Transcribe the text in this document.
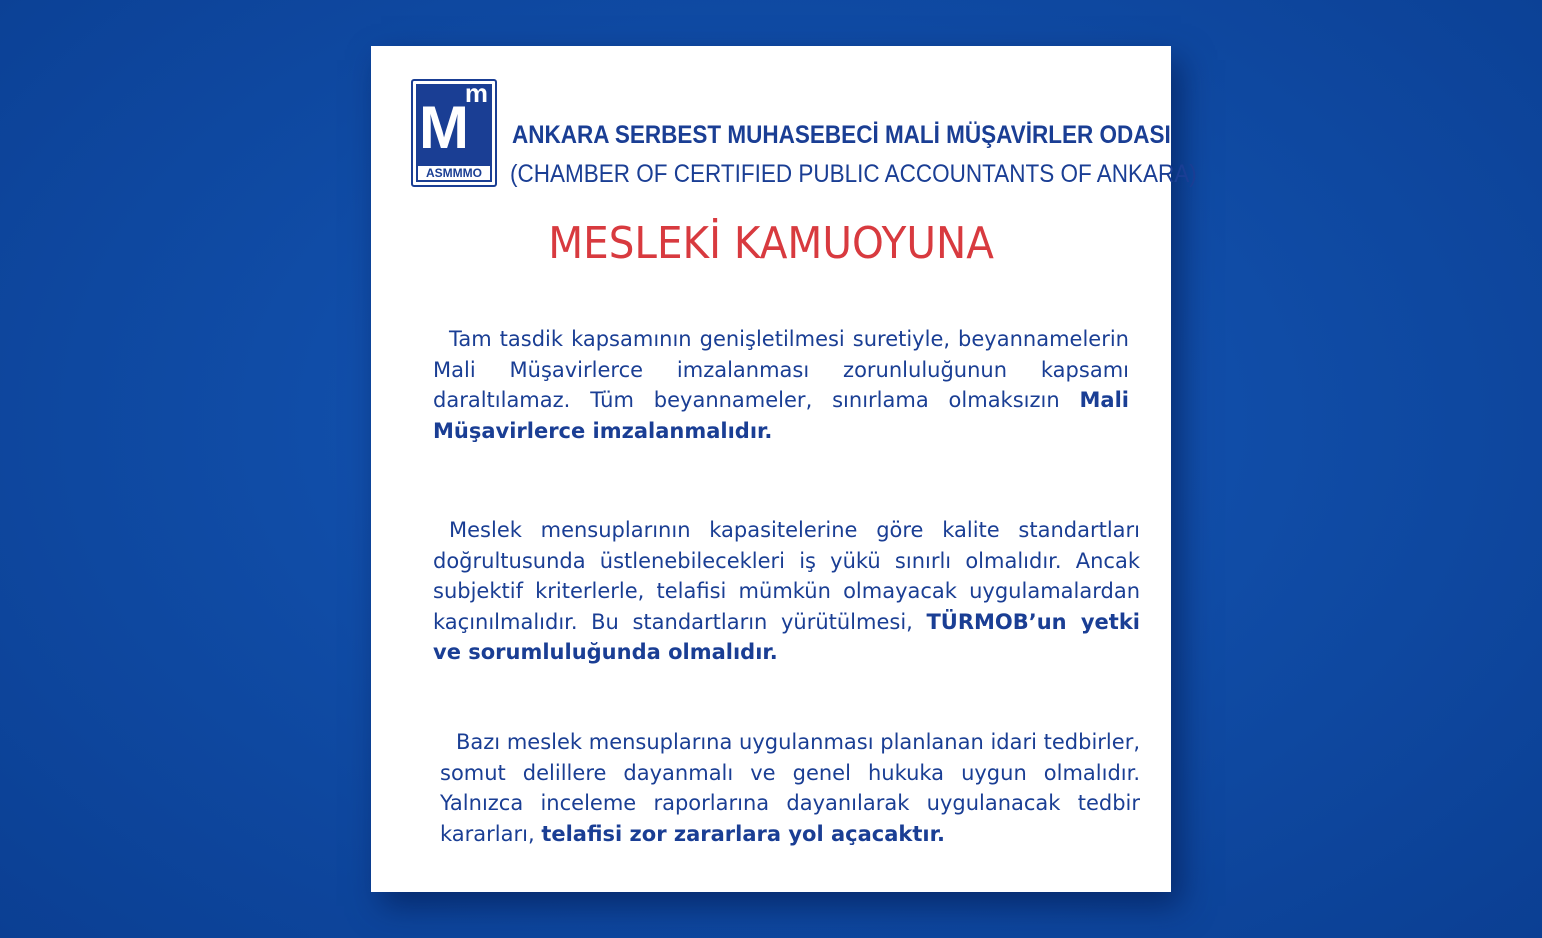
M
m
ASMMMO
ANKARA SERBEST MUHASEBECİ MALİ MÜŞAVİRLER ODASI
(CHAMBER OF CERTIFIED PUBLIC ACCOUNTANTS OF ANKARA)
MESLEKİ KAMUOYUNA

Tam tasdik kapsamının genişletilmesi suretiyle, beyannamelerin Mali Müşavirlerce imzalanması zorunluluğunun kapsamı daraltılamaz. Tüm beyannameler, sınırlama olmaksızın Mali Müşavirlerce imzalanmalıdır.

Meslek mensuplarının kapasitelerine göre kalite standartları doğrultusunda üstlenebilecekleri iş yükü sınırlı olmalıdır. Ancak subjektif kriterlerle, telafisi mümkün olmayacak uygulamalardan kaçınılmalıdır. Bu standartların yürütülmesi, TÜRMOB’un yetki ve sorumluluğunda olmalıdır.

Bazı meslek mensuplarına uygulanması planlanan idari tedbirler, somut delillere dayanmalı ve genel hukuka uygun olmalıdır. Yalnızca inceleme raporlarına dayanılarak uygulanacak tedbir kararları, telafisi zor zararlara yol açacaktır.
